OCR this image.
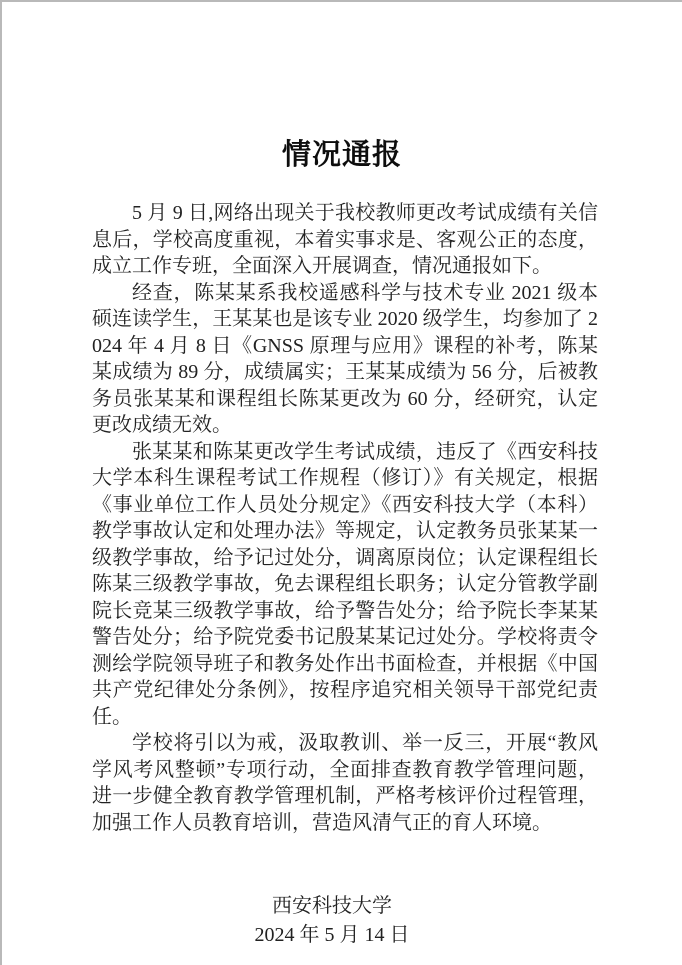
情况通报

5 月 9 日,网络出现关于我校教师更改考试成绩有关信息后，学校高度重视，本着实事求是、客观公正的态度，成立工作专班，全面深入开展调查，情况通报如下。

经查，陈某某系我校遥感科学与技术专业 2021 级本硕连读学生，王某某也是该专业 2020 级学生，均参加了 2024 年 4 月 8 日《GNSS 原理与应用》课程的补考，陈某某成绩为 89 分，成绩属实；王某某成绩为 56 分，后被教务员张某某和课程组长陈某更改为 60 分，经研究，认定更改成绩无效。

张某某和陈某更改学生考试成绩，违反了《西安科技大学本科生课程考试工作规程（修订）》有关规定，根据《事业单位工作人员处分规定》《西安科技大学（本科）教学事故认定和处理办法》等规定，认定教务员张某某一级教学事故，给予记过处分，调离原岗位；认定课程组长陈某三级教学事故，免去课程组长职务；认定分管教学副院长竞某三级教学事故，给予警告处分；给予院长李某某警告处分；给予院党委书记殷某某记过处分。学校将责令测绘学院领导班子和教务处作出书面检查，并根据《中国共产党纪律处分条例》，按程序追究相关领导干部党纪责任。

学校将引以为戒，汲取教训、举一反三，开展“教风学风考风整顿”专项行动，全面排查教育教学管理问题，进一步健全教育教学管理机制，严格考核评价过程管理，加强工作人员教育培训，营造风清气正的育人环境。

西安科技大学
2024 年 5 月 14 日
